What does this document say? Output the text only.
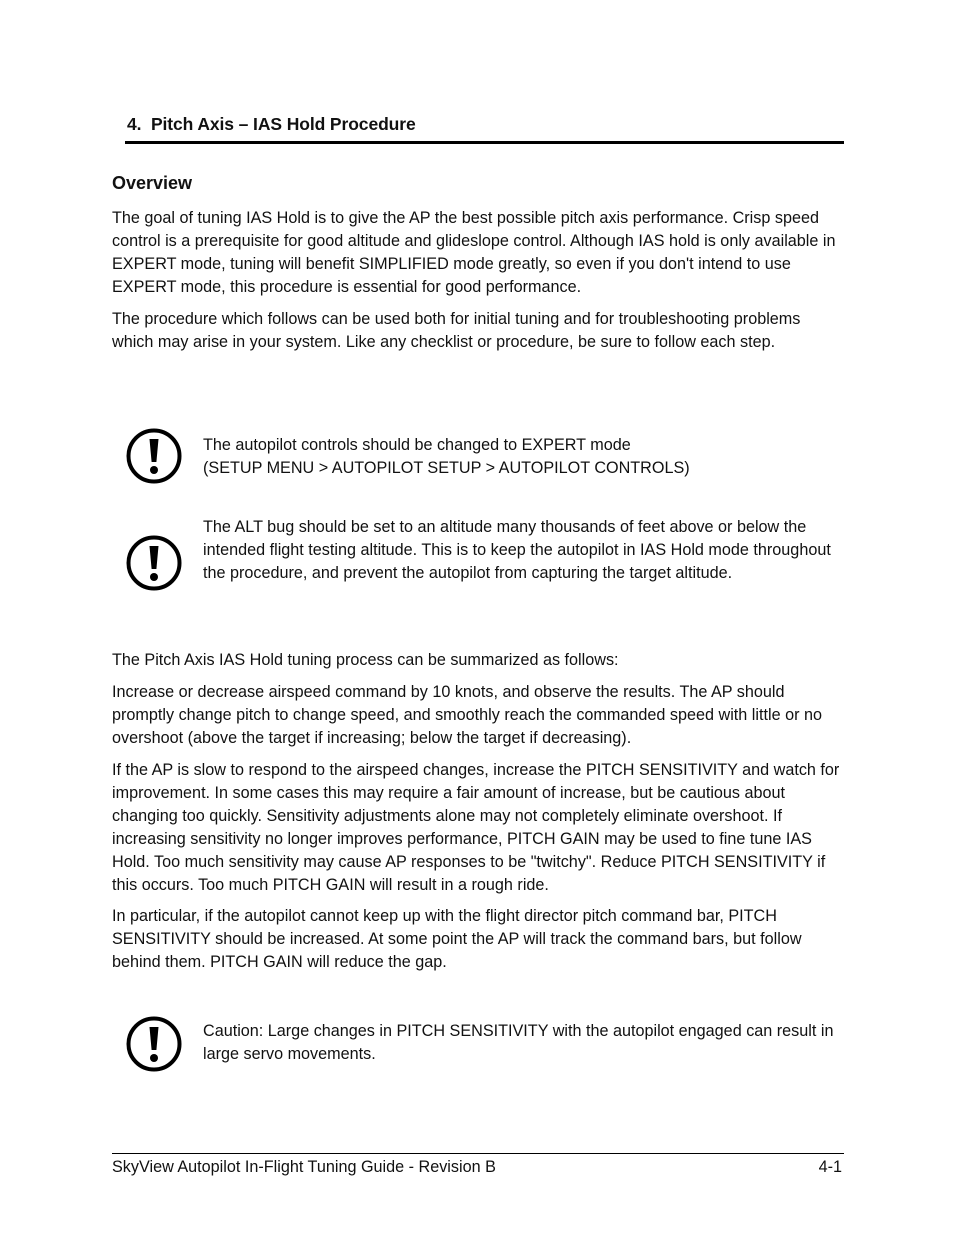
4. Pitch Axis – IAS Hold Procedure
Overview

The goal of tuning IAS Hold is to give the AP the best possible pitch axis performance. Crisp speed control is a prerequisite for good altitude and glideslope control. Although IAS hold is only available in EXPERT mode, tuning will benefit SIMPLIFIED mode greatly, so even if you don't intend to use EXPERT mode, this procedure is essential for good performance.

The procedure which follows can be used both for initial tuning and for troubleshooting problems which may arise in your system. Like any checklist or procedure, be sure to follow each step.

The autopilot controls should be changed to EXPERT mode

(SETUP MENU > AUTOPILOT SETUP > AUTOPILOT CONTROLS)

The ALT bug should be set to an altitude many thousands of feet above or below the intended flight testing altitude. This is to keep the autopilot in IAS Hold mode throughout the procedure, and prevent the autopilot from capturing the target altitude.

The Pitch Axis IAS Hold tuning process can be summarized as follows:

Increase or decrease airspeed command by 10 knots, and observe the results. The AP should promptly change pitch to change speed, and smoothly reach the commanded speed with little or no overshoot (above the target if increasing; below the target if decreasing).

If the AP is slow to respond to the airspeed changes, increase the PITCH SENSITIVITY and watch for improvement. In some cases this may require a fair amount of increase, but be cautious about changing too quickly. Sensitivity adjustments alone may not completely eliminate overshoot. If increasing sensitivity no longer improves performance, PITCH GAIN may be used to fine tune IAS Hold. Too much sensitivity may cause AP responses to be "twitchy". Reduce PITCH SENSITIVITY if this occurs. Too much PITCH GAIN will result in a rough ride.

In particular, if the autopilot cannot keep up with the flight director pitch command bar, PITCH SENSITIVITY should be increased. At some point the AP will track the command bars, but follow behind them. PITCH GAIN will reduce the gap.

Caution: Large changes in PITCH SENSITIVITY with the autopilot engaged can result in large servo movements.

SkyView Autopilot In-Flight Tuning Guide - Revision B	4-1
